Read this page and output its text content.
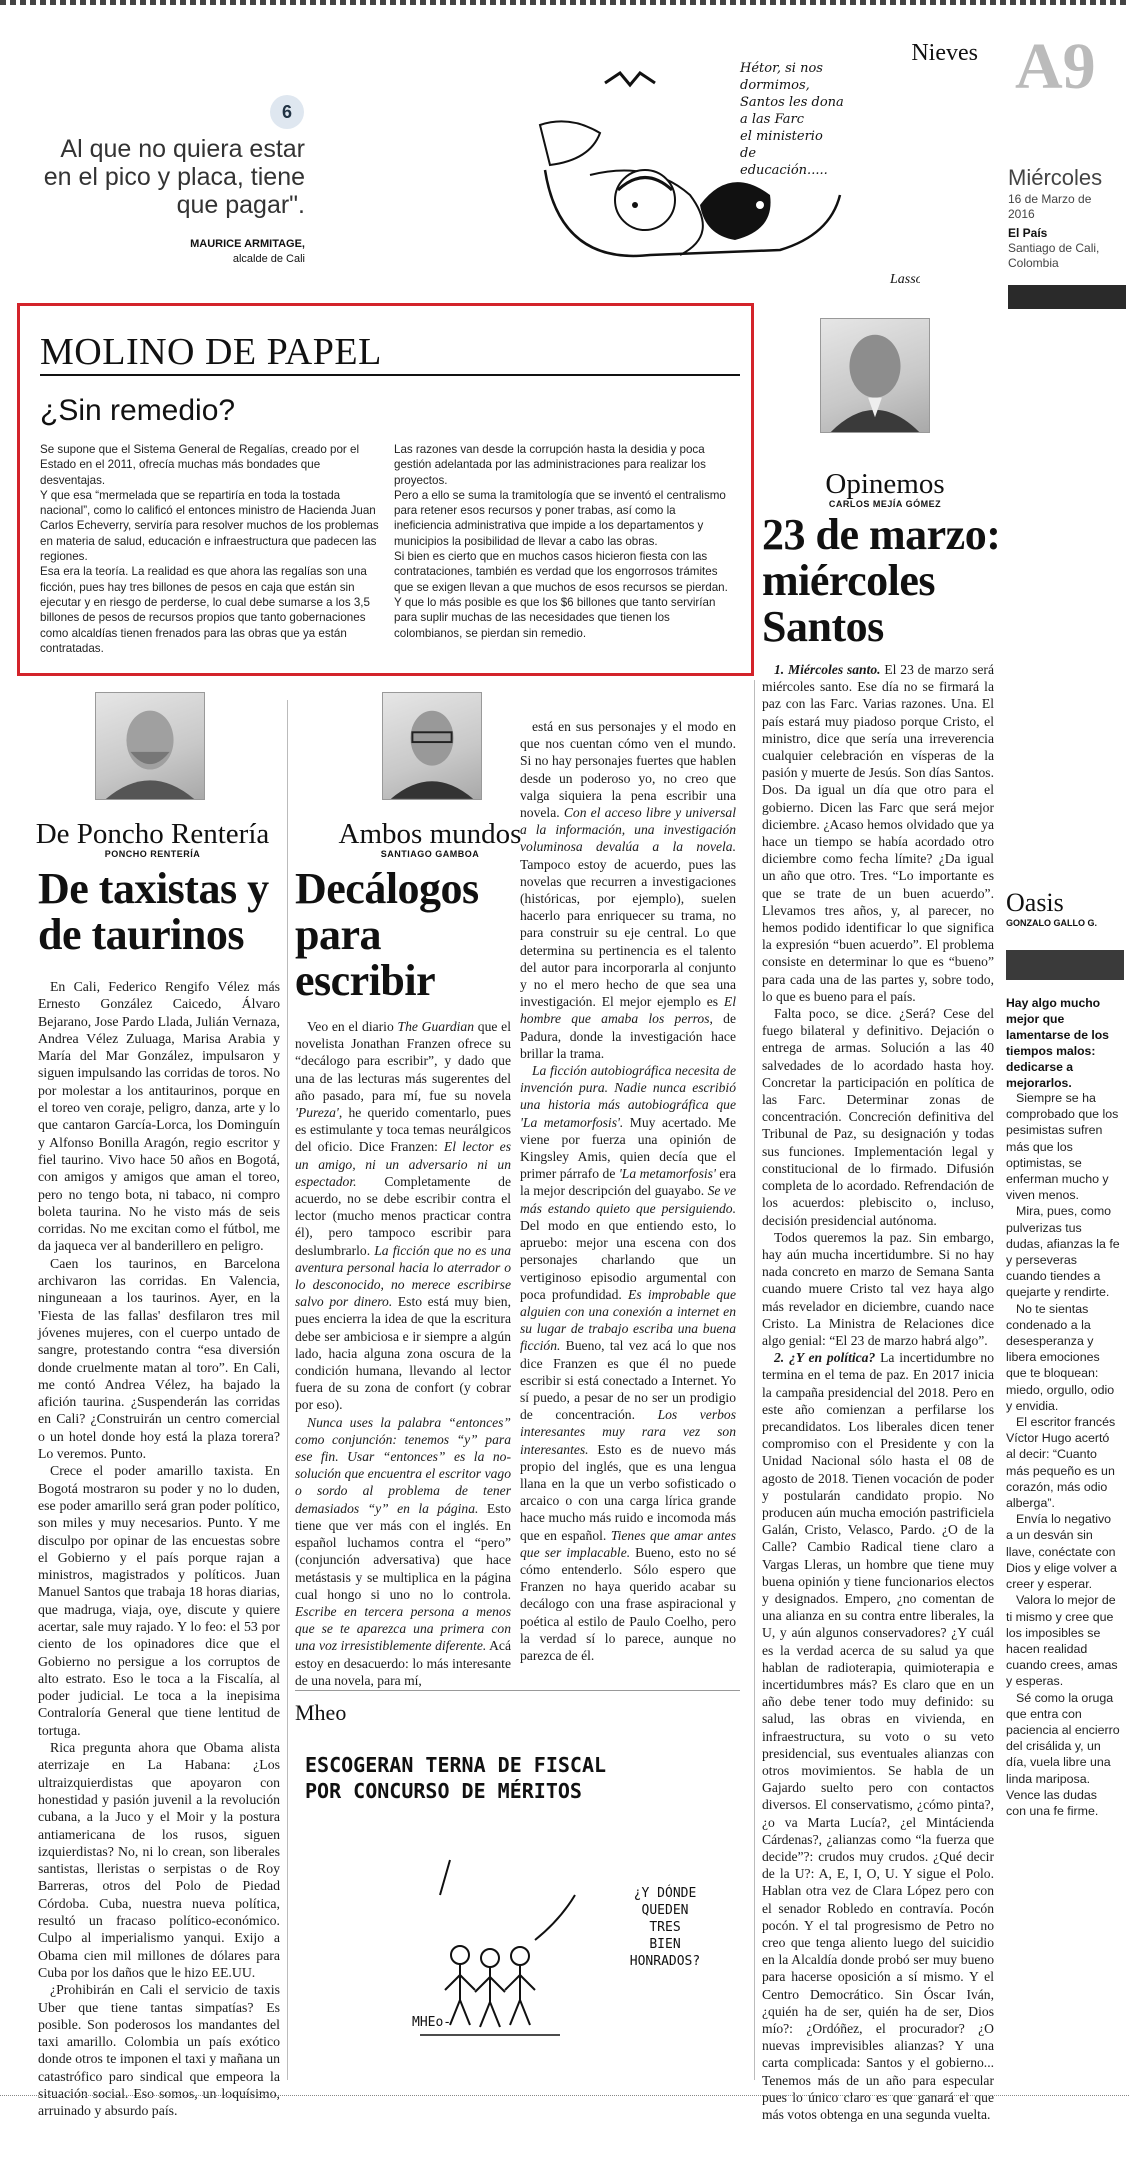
6
Al que no quiera estar en el pico y placa, tiene que pagar".
MAURICE ARMITAGE,
alcalde de Cali
Lasso
Hétor, si nos
dormimos,
Santos les dona
a las Farc
el ministerio
de
educación.....
Nieves A9
Miércoles
16 de Marzo de 2016
El País
Santiago de Cali, Colombia
MOLINO DE PAPEL
¿Sin remedio?

Se supone que el Sistema General de Regalías, creado por el Estado en el 2011, ofrecía muchas más bondades que desventajas.

Y que esa “mermelada que se repartiría en toda la tostada nacional”, como lo calificó el entonces ministro de Hacienda Juan Carlos Echeverry, serviría para resolver muchos de los problemas en materia de salud, educación e infraestructura que padecen las regiones.

Esa era la teoría. La realidad es que ahora las regalías son una ficción, pues hay tres billones de pesos en caja que están sin ejecutar y en riesgo de perderse, lo cual debe sumarse a los 3,5 billones de pesos de recursos propios que tanto gobernaciones como alcaldías tienen frenados para las obras que ya están contratadas.

Las razones van desde la corrupción hasta la desidia y poca gestión adelantada por las administraciones para realizar los proyectos.

Pero a ello se suma la tramitología que se inventó el centralismo para retener esos recursos y poner trabas, así como la ineficiencia administrativa que impide a los departamentos y municipios la posibilidad de llevar a cabo las obras.

Si bien es cierto que en muchos casos hicieron fiesta con las contrataciones, también es verdad que los engorrosos trámites que se exigen llevan a que muchos de esos recursos se pierdan.

Y que lo más posible es que los $6 billones que tanto servirían para suplir muchas de las necesidades que tienen los colombianos, se pierdan sin remedio.

Opinemos
CARLOS MEJÍA GÓMEZ
23 de marzo: miércoles Santos

1. Miércoles santo. El 23 de marzo será miércoles santo. Ese día no se firmará la paz con las Farc. Varias razones. Una. El país estará muy piadoso porque Cristo, el ministro, dice que sería una irreverencia cualquier celebración en vísperas de la pasión y muerte de Jesús. Son días Santos. Dos. Da igual un día que otro para el gobierno. Dicen las Farc que será mejor diciembre. ¿Acaso hemos olvidado que ya hace un tiempo se había acordado otro diciembre como fecha límite? ¿Da igual un año que otro. Tres. “Lo importante es que se trate de un buen acuerdo”. Llevamos tres años, y, al parecer, no hemos podido identificar lo que significa la expresión “buen acuerdo”. El problema consiste en determinar lo que es “bueno” para cada una de las partes y, sobre todo, lo que es bueno para el país.

Falta poco, se dice. ¿Será? Cese del fuego bilateral y definitivo. Dejación o entrega de armas. Solución a las 40 salvedades de lo acordado hasta hoy. Concretar la participación en política de las Farc. Determinar zonas de concentración. Concreción definitiva del Tribunal de Paz, su designación y todas sus funciones. Implementación legal y constitucional de lo firmado. Difusión completa de lo acordado. Refrendación de los acuerdos: plebiscito o, incluso, decisión presidencial autónoma.

Todos queremos la paz. Sin embargo, hay aún mucha incertidumbre. Si no hay nada concreto en marzo de Semana Santa cuando muere Cristo tal vez haya algo más revelador en diciembre, cuando nace Cristo. La Ministra de Relaciones dice algo genial: “El 23 de marzo habrá algo”.

2. ¿Y en política? La incertidumbre no termina en el tema de paz. En 2017 inicia la campaña presidencial del 2018. Pero en este año comienzan a perfilarse los precandidatos. Los liberales dicen tener compromiso con el Presidente y con la Unidad Nacional sólo hasta el 08 de agosto de 2018. Tienen vocación de poder y postularán candidato propio. No producen aún mucha emoción pastrificiela Galán, Cristo, Velasco, Pardo. ¿O de la Calle? Cambio Radical tiene claro a Vargas Lleras, un hombre que tiene muy buena opinión y tiene funcionarios electos y designados. Empero, ¿no comentan de una alianza en su contra entre liberales, la U, y aún algunos conservadores? ¿Y cuál es la verdad acerca de su salud ya que hablan de radioterapia, quimioterapia e incertidumbres más? Es claro que en un año debe tener todo muy definido: su salud, las obras en vivienda, en infraestructura, su voto o su veto presidencial, sus eventuales alianzas con otros movimientos. Se habla de un Gajardo suelto pero con contactos diversos. El conservatismo, ¿cómo pinta?, ¿o va Marta Lucía?, ¿el Mintácienda Cárdenas?, ¿alianzas como “la fuerza que decide”?: crudos muy crudos. ¿Qué decir de la U?: A, E, I, O, U. Y sigue el Polo. Hablan otra vez de Clara López pero con el senador Robledo en contravía. Pocón pocón. Y el tal progresismo de Petro no creo que tenga aliento luego del suicidio en la Alcaldía donde probó ser muy bueno para hacerse oposición a sí mismo. Y el Centro Democrático. Sin Óscar Iván, ¿quién ha de ser, quién ha de ser, Dios mío?: ¿Ordóñez, el procurador? ¿O nuevas imprevisibles alianzas? Y una carta complicada: Santos y el gobierno... Tenemos más de un año para especular pues lo único claro es que ganará el que más votos obtenga en una segunda vuelta.

Oasis
GONZALO GALLO G.
Hay algo mucho mejor que lamentarse de los tiempos malos: dedicarse a mejorarlos.

Siempre se ha comprobado que los pesimistas sufren más que los optimistas, se enferman mucho y viven menos.

Mira, pues, como pulverizas tus dudas, afianzas la fe y perseveras cuando tiendes a quejarte y rendirte.

No te sientas condenado a la desesperanza y libera emociones que te bloquean: miedo, orgullo, odio y envidia.

El escritor francés Víctor Hugo acertó al decir: “Cuanto más pequeño es un corazón, más odio alberga”.

Envía lo negativo a un desván sin llave, conéctate con Dios y elige volver a creer y esperar.

Valora lo mejor de ti mismo y cree que los imposibles se hacen realidad cuando crees, amas y esperas.

Sé como la oruga que entra con paciencia al encierro del crisálida y, un día, vuela libre una linda mariposa. Vence las dudas con una fe firme.

De Poncho Rentería
PONCHO RENTERÍA
De taxistas y de taurinos

En Cali, Federico Rengifo Vélez más Ernesto González Caicedo, Álvaro Bejarano, Jose Pardo Llada, Julián Vernaza, Andrea Vélez Zuluaga, Marisa Arabia y María del Mar González, impulsaron y siguen impulsando las corridas de toros. No por molestar a los antitaurinos, porque en el toreo ven coraje, peligro, danza, arte y lo que cantaron García-Lorca, los Dominguín y Alfonso Bonilla Aragón, regio escritor y fiel taurino. Vivo hace 50 años en Bogotá, con amigos y amigos que aman el toreo, pero no tengo bota, ni tabaco, ni compro boleta taurina. No he visto más de seis corridas. No me excitan como el fútbol, me da jaqueca ver al banderillero en peligro.

Caen los taurinos, en Barcelona archivaron las corridas. En Valencia, ninguneaan a los taurinos. Ayer, en la 'Fiesta de las fallas' desfilaron tres mil jóvenes mujeres, con el cuerpo untado de sangre, protestando contra “esa diversión donde cruelmente matan al toro”. En Cali, me contó Andrea Vélez, ha bajado la afición taurina. ¿Suspenderán las corridas en Cali? ¿Construirán un centro comercial o un hotel donde hoy está la plaza torera? Lo veremos. Punto.

Crece el poder amarillo taxista. En Bogotá mostraron su poder y no lo duden, ese poder amarillo será gran poder político, son miles y muy necesarios. Punto. Y me disculpo por opinar de las encuestas sobre el Gobierno y el país porque rajan a ministros, magistrados y políticos. Juan Manuel Santos que trabaja 18 horas diarias, que madruga, viaja, oye, discute y quiere acertar, sale muy rajado. Y lo feo: el 53 por ciento de los opinadores dice que el Gobierno no persigue a los corruptos de alto estrato. Eso le toca a la Fiscalía, al poder judicial. Le toca a la inepisima Contraloría General que tiene lentitud de tortuga.

Rica pregunta ahora que Obama alista aterrizaje en La Habana: ¿Los ultraizquierdistas que apoyaron con honestidad y pasión juvenil a la revolución cubana, a la Juco y el Moir y la postura antiamericana de los rusos, siguen izquierdistas? No, ni lo crean, son liberales santistas, lleristas o serpistas o de Roy Barreras, otros del Polo de Piedad Córdoba. Cuba, nuestra nueva política, resultó un fracaso político-económico. Culpo al imperialismo yanqui. Exijo a Obama cien mil millones de dólares para Cuba por los daños que le hizo EE.UU.

¿Prohibirán en Cali el servicio de taxis Uber que tiene tantas simpatías? Es posible. Son poderosos los mandantes del taxi amarillo. Colombia un país exótico donde otros te imponen el taxi y mañana un catastrófico paro sindical que empeora la situación social. Eso somos, un loquísimo, arruinado y absurdo país.

Ambos mundos
SANTIAGO GAMBOA
Decálogos para escribir

Veo en el diario The Guardian que el novelista Jonathan Franzen ofrece su “decálogo para escribir”, y dado que una de las lecturas más sugerentes del año pasado, para mí, fue su novela 'Pureza', he querido comentarlo, pues es estimulante y toca temas neurálgicos del oficio. Dice Franzen: El lector es un amigo, ni un adversario ni un espectador. Completamente de acuerdo, no se debe escribir contra el lector (mucho menos practicar contra él), pero tampoco escribir para deslumbrarlo. La ficción que no es una aventura personal hacia lo aterrador o lo desconocido, no merece escribirse salvo por dinero. Esto está muy bien, pues encierra la idea de que la escritura debe ser ambiciosa e ir siempre a algún lado, hacia alguna zona oscura de la condición humana, llevando al lector fuera de su zona de confort (y cobrar por eso).

Nunca uses la palabra “entonces” como conjunción: tenemos “y” para ese fin. Usar “entonces” es la no-solución que encuentra el escritor vago o sordo al problema de tener demasiados “y” en la página. Esto tiene que ver más con el inglés. En español luchamos contra el “pero” (conjunción adversativa) que hace metástasis y se multiplica en la página cual hongo si uno no lo controla. Escribe en tercera persona a menos que se te aparezca una primera con una voz irresistiblemente diferente. Acá estoy en desacuerdo: lo más interesante de una novela, para mí,

está en sus personajes y el modo en que nos cuentan cómo ven el mundo. Si no hay personajes fuertes que hablen desde un poderoso yo, no creo que valga siquiera la pena escribir una novela. Con el acceso libre y universal a la información, una investigación voluminosa devalúa a la novela. Tampoco estoy de acuerdo, pues las novelas que recurren a investigaciones (históricas, por ejemplo), suelen hacerlo para enriquecer su trama, no para construir su eje central. Lo que determina su pertinencia es el talento del autor para incorporarla al conjunto y no el mero hecho de que sea una investigación. El mejor ejemplo es El hombre que amaba los perros, de Padura, donde la investigación hace brillar la trama.

La ficción autobiográfica necesita de invención pura. Nadie nunca escribió una historia más autobiográfica que 'La metamorfosis'. Muy acertado. Me viene por fuerza una opinión de Kingsley Amis, quien decía que el primer párrafo de 'La metamorfosis' era la mejor descripción del guayabo. Se ve más estando quieto que persiguiendo. Del modo en que entiendo esto, lo apruebo: mejor una escena con dos personajes charlando que un vertiginoso episodio argumental con poca profundidad. Es improbable que alguien con una conexión a internet en su lugar de trabajo escriba una buena ficción. Bueno, tal vez acá lo que nos dice Franzen es que él no puede escribir si está conectado a Internet. Yo sí puedo, a pesar de no ser un prodigio de concentración. Los verbos interesantes muy rara vez son interesantes. Esto es de nuevo más propio del inglés, que es una lengua llana en la que un verbo sofisticado o arcaico o con una carga lírica grande hace mucho más ruido e incomoda más que en español. Tienes que amar antes que ser implacable. Bueno, esto no sé cómo entenderlo. Sólo espero que Franzen no haya querido acabar su decálogo con una frase aspiracional y poética al estilo de Paulo Coelho, pero la verdad sí lo parece, aunque no parezca de él.

Mheo
ESCOGERAN TERNA DE FISCAL
POR CONCURSO DE MÉRITOS
¿Y DÓNDE
QUEDEN
TRES
BIEN
HONRADOS?
MHEo-
